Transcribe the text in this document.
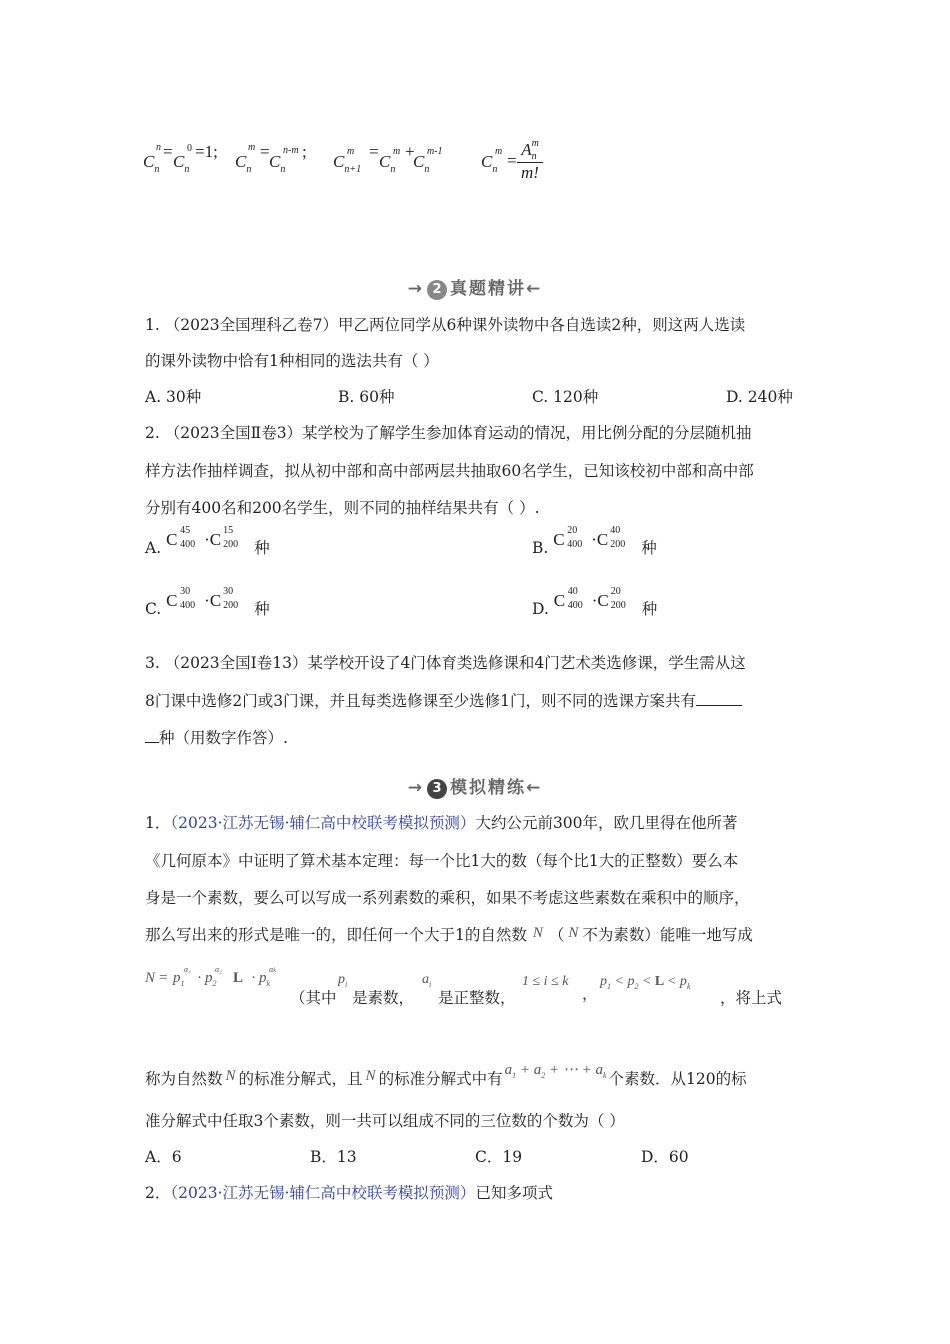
$C_n$
n =
$C_n$
0 =1;
$C_n$
m =
$C_n$
n-m ;
$C_{n+1}$
m =
$C_n$
m +
$C_n$
m-1
$C_n$
m =
$A_n^m$
m!
→ 2 真题精讲←
1. （2023全国理科乙卷7）甲乙两位同学从6种课外读物中各自选读2种，则这两人选读
的课外读物中恰有1种相同的选法共有（ ）
A. 30种	B. 60种	C. 120种	D. 240种
2. （2023全国Ⅱ卷3）某学校为了解学生参加体育运动的情况，用比例分配的分层随机抽
样方法作抽样调查，拟从初中部和高中部两层共抽取60名学生，已知该校初中部和高中部
分别有400名和200名学生，则不同的抽样结果共有（ ）.
A. C 45
400 ·C 15
200 种	B. C 20
400 ·C 40
200 种
C. C 30
400 ·C 30
200 种	D. C 40
400 ·C 20
200 种
3. （2023全国Ⅰ卷13）某学校开设了4门体育类选修课和4门艺术类选修课，学生需从这
8门课中选修2门或3门课，并且每类选修课至少选修1门，则不同的选课方案共有
种（用数字作答）.
→ 3 模拟精练←
1．（2023·江苏无锡·辅仁高中校联考模拟预测）大约公元前300年，欧几里得在他所著
《几何原本》中证明了算术基本定理：每一个比1大的数（每个比1大的正整数）要么本
身是一个素数，要么可以写成一系列素数的乘积，如果不考虑这些素数在乘积中的顺序，
那么写出来的形式是唯一的，即任何一个大于1的自然数 N （ N 不为素数）能唯一地写成
$N = p_1$
α₁
· $p_2$
α₂
$L \cdot p_k$
αk
（其中
$p_i$
是素数，
$a_i$
是正整数，
1 ≤ i ≤ k
，
$p_1 < p_2 < L < p_k$
，将上式
称为自然数 N 的标准分解式，且 N 的标准分解式中有 $a_1 + a_2$ + ⋯ + $a_k$ 个素数．从120的标
准分解式中任取3个素数，则一共可以组成不同的三位数的个数为（ ）
A．6	B．13	C．19	D．60
2．（2023·江苏无锡·辅仁高中校联考模拟预测）已知多项式
